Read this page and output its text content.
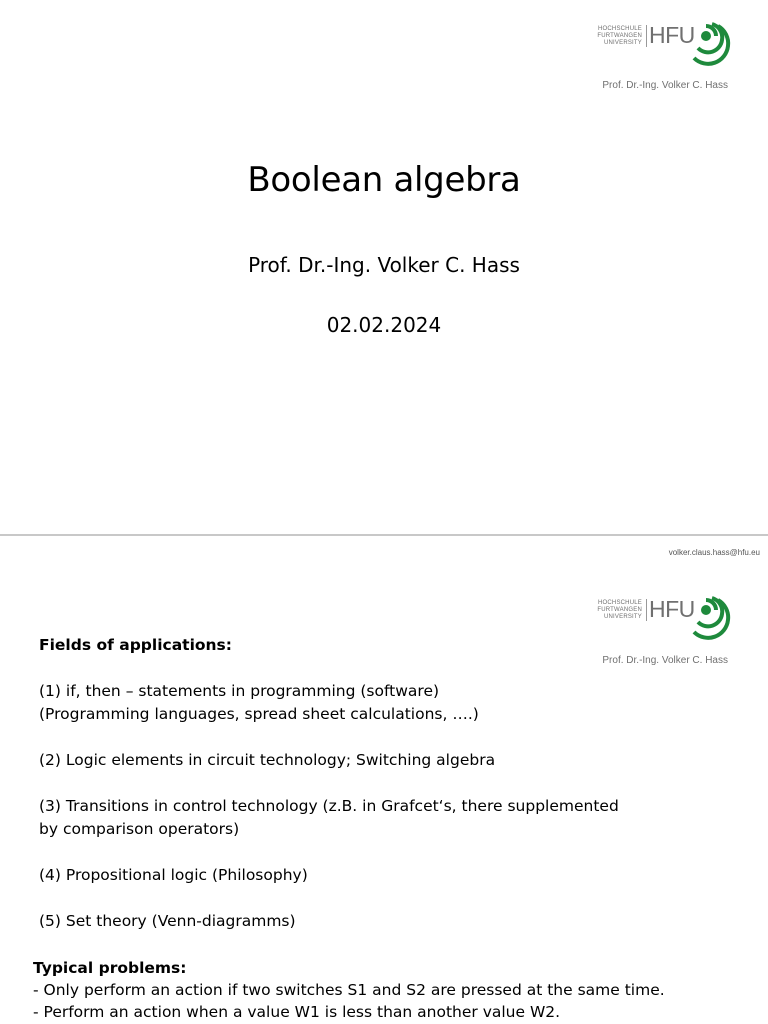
HOCHSCHULE
FURTWANGEN
UNIVERSITY HFU
Prof. Dr.-Ing. Volker C. Hass
Boolean algebra
Prof. Dr.-Ing. Volker C. Hass
02.02.2024
volker.claus.hass@hfu.eu
HOCHSCHULE
FURTWANGEN
UNIVERSITY HFU
Prof. Dr.-Ing. Volker C. Hass
Fields of applications:
(1) if, then – statements in programming (software)
(Programming languages, spread sheet calculations, ….)
(2) Logic elements in circuit technology; Switching algebra
(3) Transitions in control technology (z.B. in Grafcet‘s, there supplemented
by comparison operators)
(4) Propositional logic (Philosophy)
(5) Set theory (Venn-diagramms)
Typical problems:
- Only perform an action if two switches S1 and S2 are pressed at the same time.
- Perform an action when a value W1 is less than another value W2.
